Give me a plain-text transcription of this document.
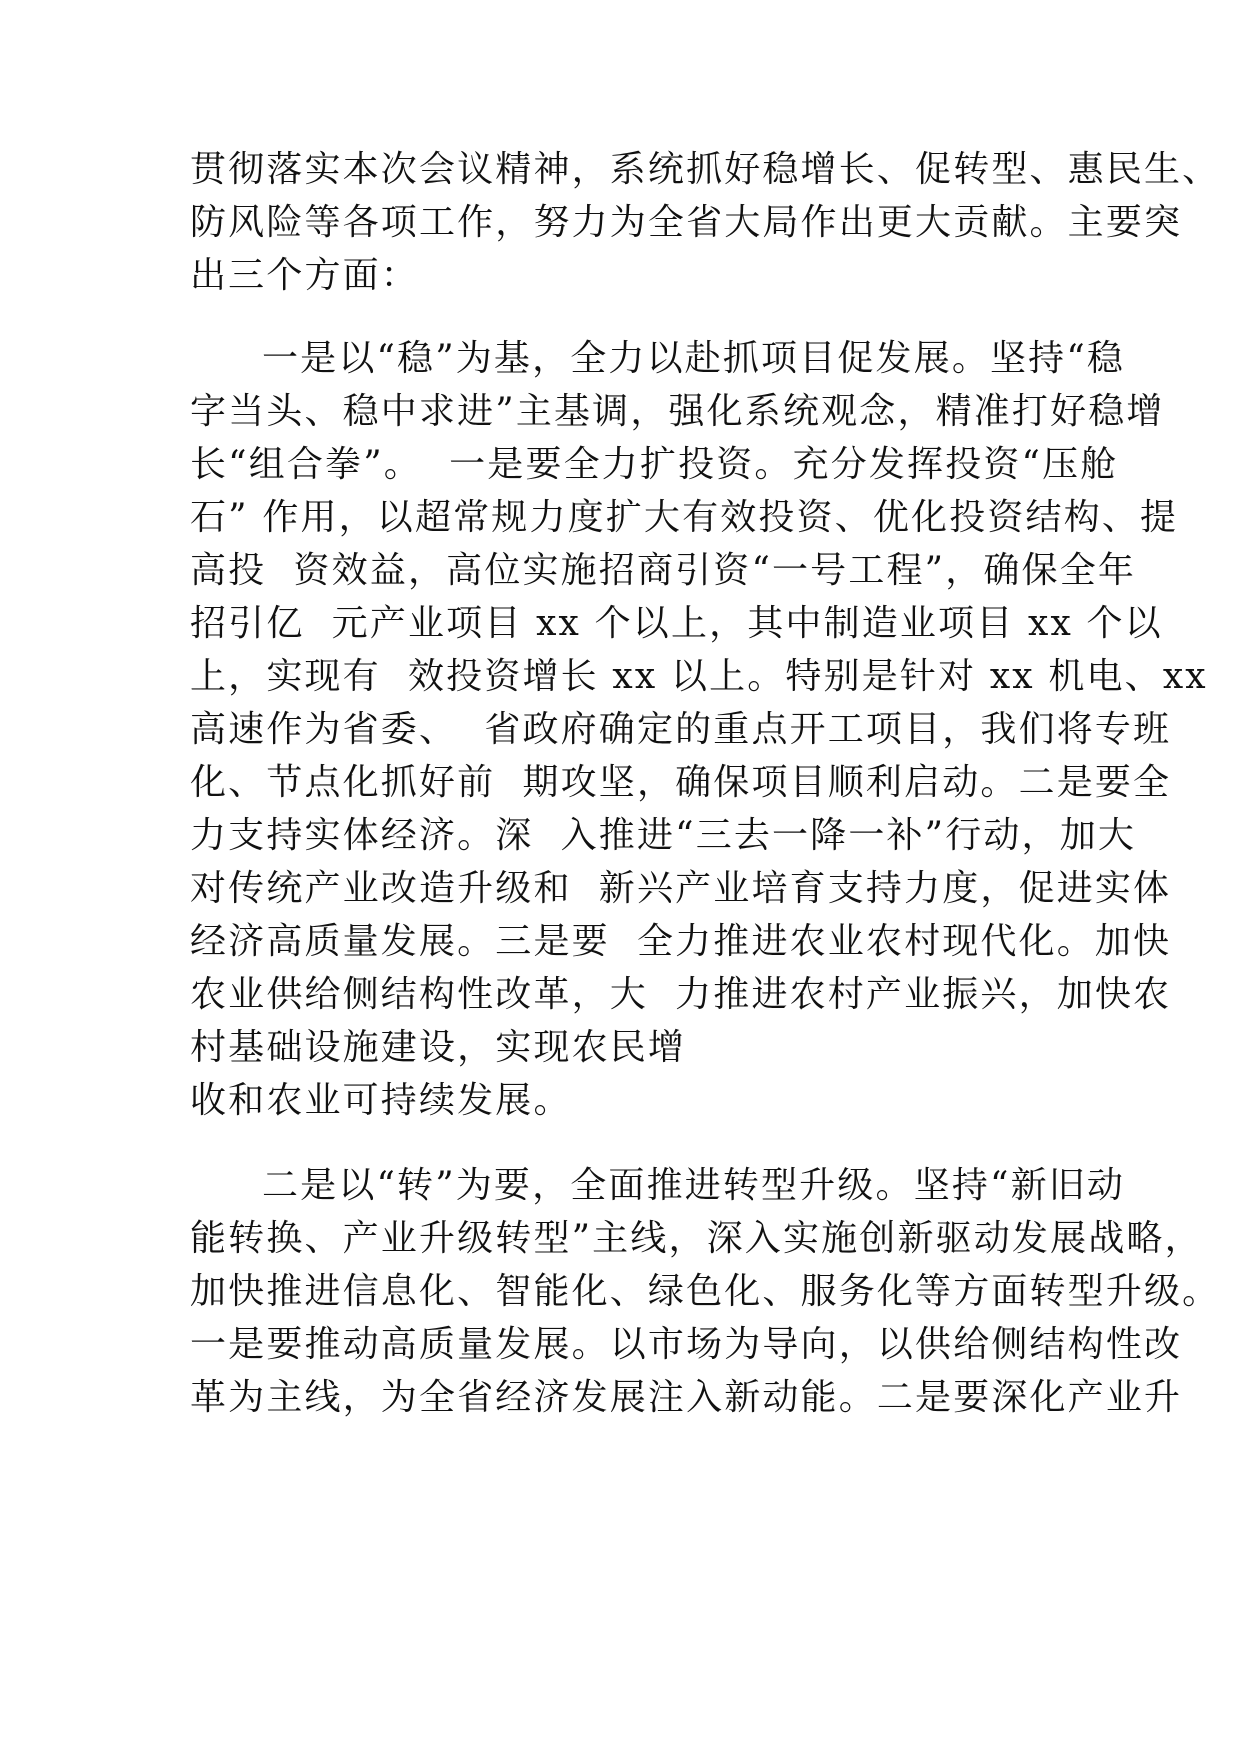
贯彻落实本次会议精神，系统抓好稳增长、促转型、惠民生、

防风险等各项工作，努力为全省大局作出更大贡献。主要突

出三个方面：

一是以“稳”为基，全力以赴抓项目促发展。坚持“稳

字当头、稳中求进”主基调，强化系统观念，精准打好稳增

长“组合拳”。  一是要全力扩投资。充分发挥投资“压舱

石” 作用，以超常规力度扩大有效投资、优化投资结构、提

高投  资效益，高位实施招商引资“一号工程”，确保全年

招引亿  元产业项目 xx 个以上，其中制造业项目 xx 个以

上，实现有  效投资增长 xx 以上。特别是针对 xx 机电、xx

高速作为省委、  省政府确定的重点开工项目，我们将专班

化、节点化抓好前  期攻坚，确保项目顺利启动。二是要全

力支持实体经济。深  入推进“三去一降一补”行动，加大

对传统产业改造升级和  新兴产业培育支持力度，促进实体

经济高质量发展。三是要  全力推进农业农村现代化。加快

农业供给侧结构性改革，大  力推进农村产业振兴，加快农

村基础设施建设，实现农民增

收和农业可持续发展。

二是以“转”为要，全面推进转型升级。坚持“新旧动

能转换、产业升级转型”主线，深入实施创新驱动发展战略，

加快推进信息化、智能化、绿色化、服务化等方面转型升级。

一是要推动高质量发展。以市场为导向，以供给侧结构性改

革为主线，为全省经济发展注入新动能。二是要深化产业升
